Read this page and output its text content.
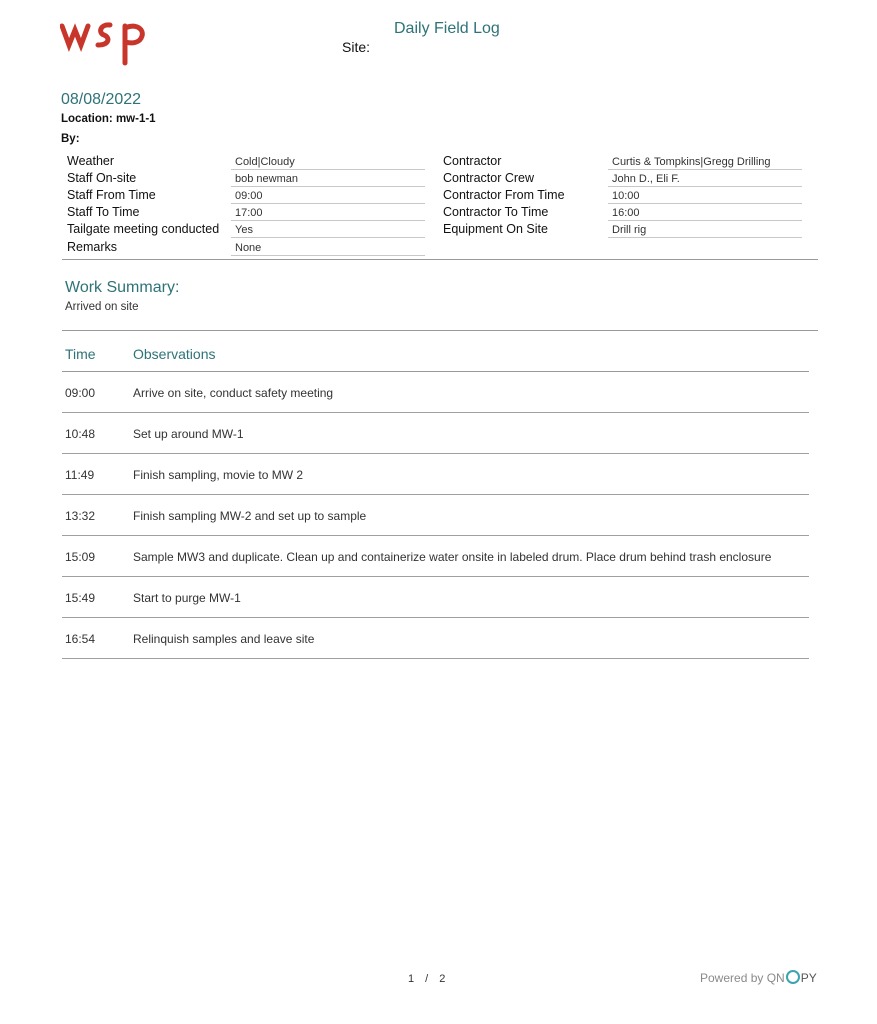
Daily Field Log
Site:
08/08/2022
Location: mw-1-1
By:
Weather	Cold|Cloudy
Staff On-site	bob newman
Staff From Time	09:00
Staff To Time	17:00
Tailgate meeting conducted	Yes
Remarks	None
Contractor	Curtis & Tompkins|Gregg Drilling
Contractor Crew	John D., Eli F.
Contractor From Time	10:00
Contractor To Time	16:00
Equipment On Site	Drill rig
Work Summary:
Arrived on site
Time	Observations
09:00	Arrive on site, conduct safety meeting
10:48	Set up around MW-1
11:49	Finish sampling, movie to MW 2
13:32	Finish sampling MW-2 and set up to sample
15:09	Sample MW3 and duplicate. Clean up and containerize water onsite in labeled drum. Place drum behind trash enclosure
15:49	Start to purge MW-1
16:54	Relinquish samples and leave site
1 / 2	Powered by QN PY
